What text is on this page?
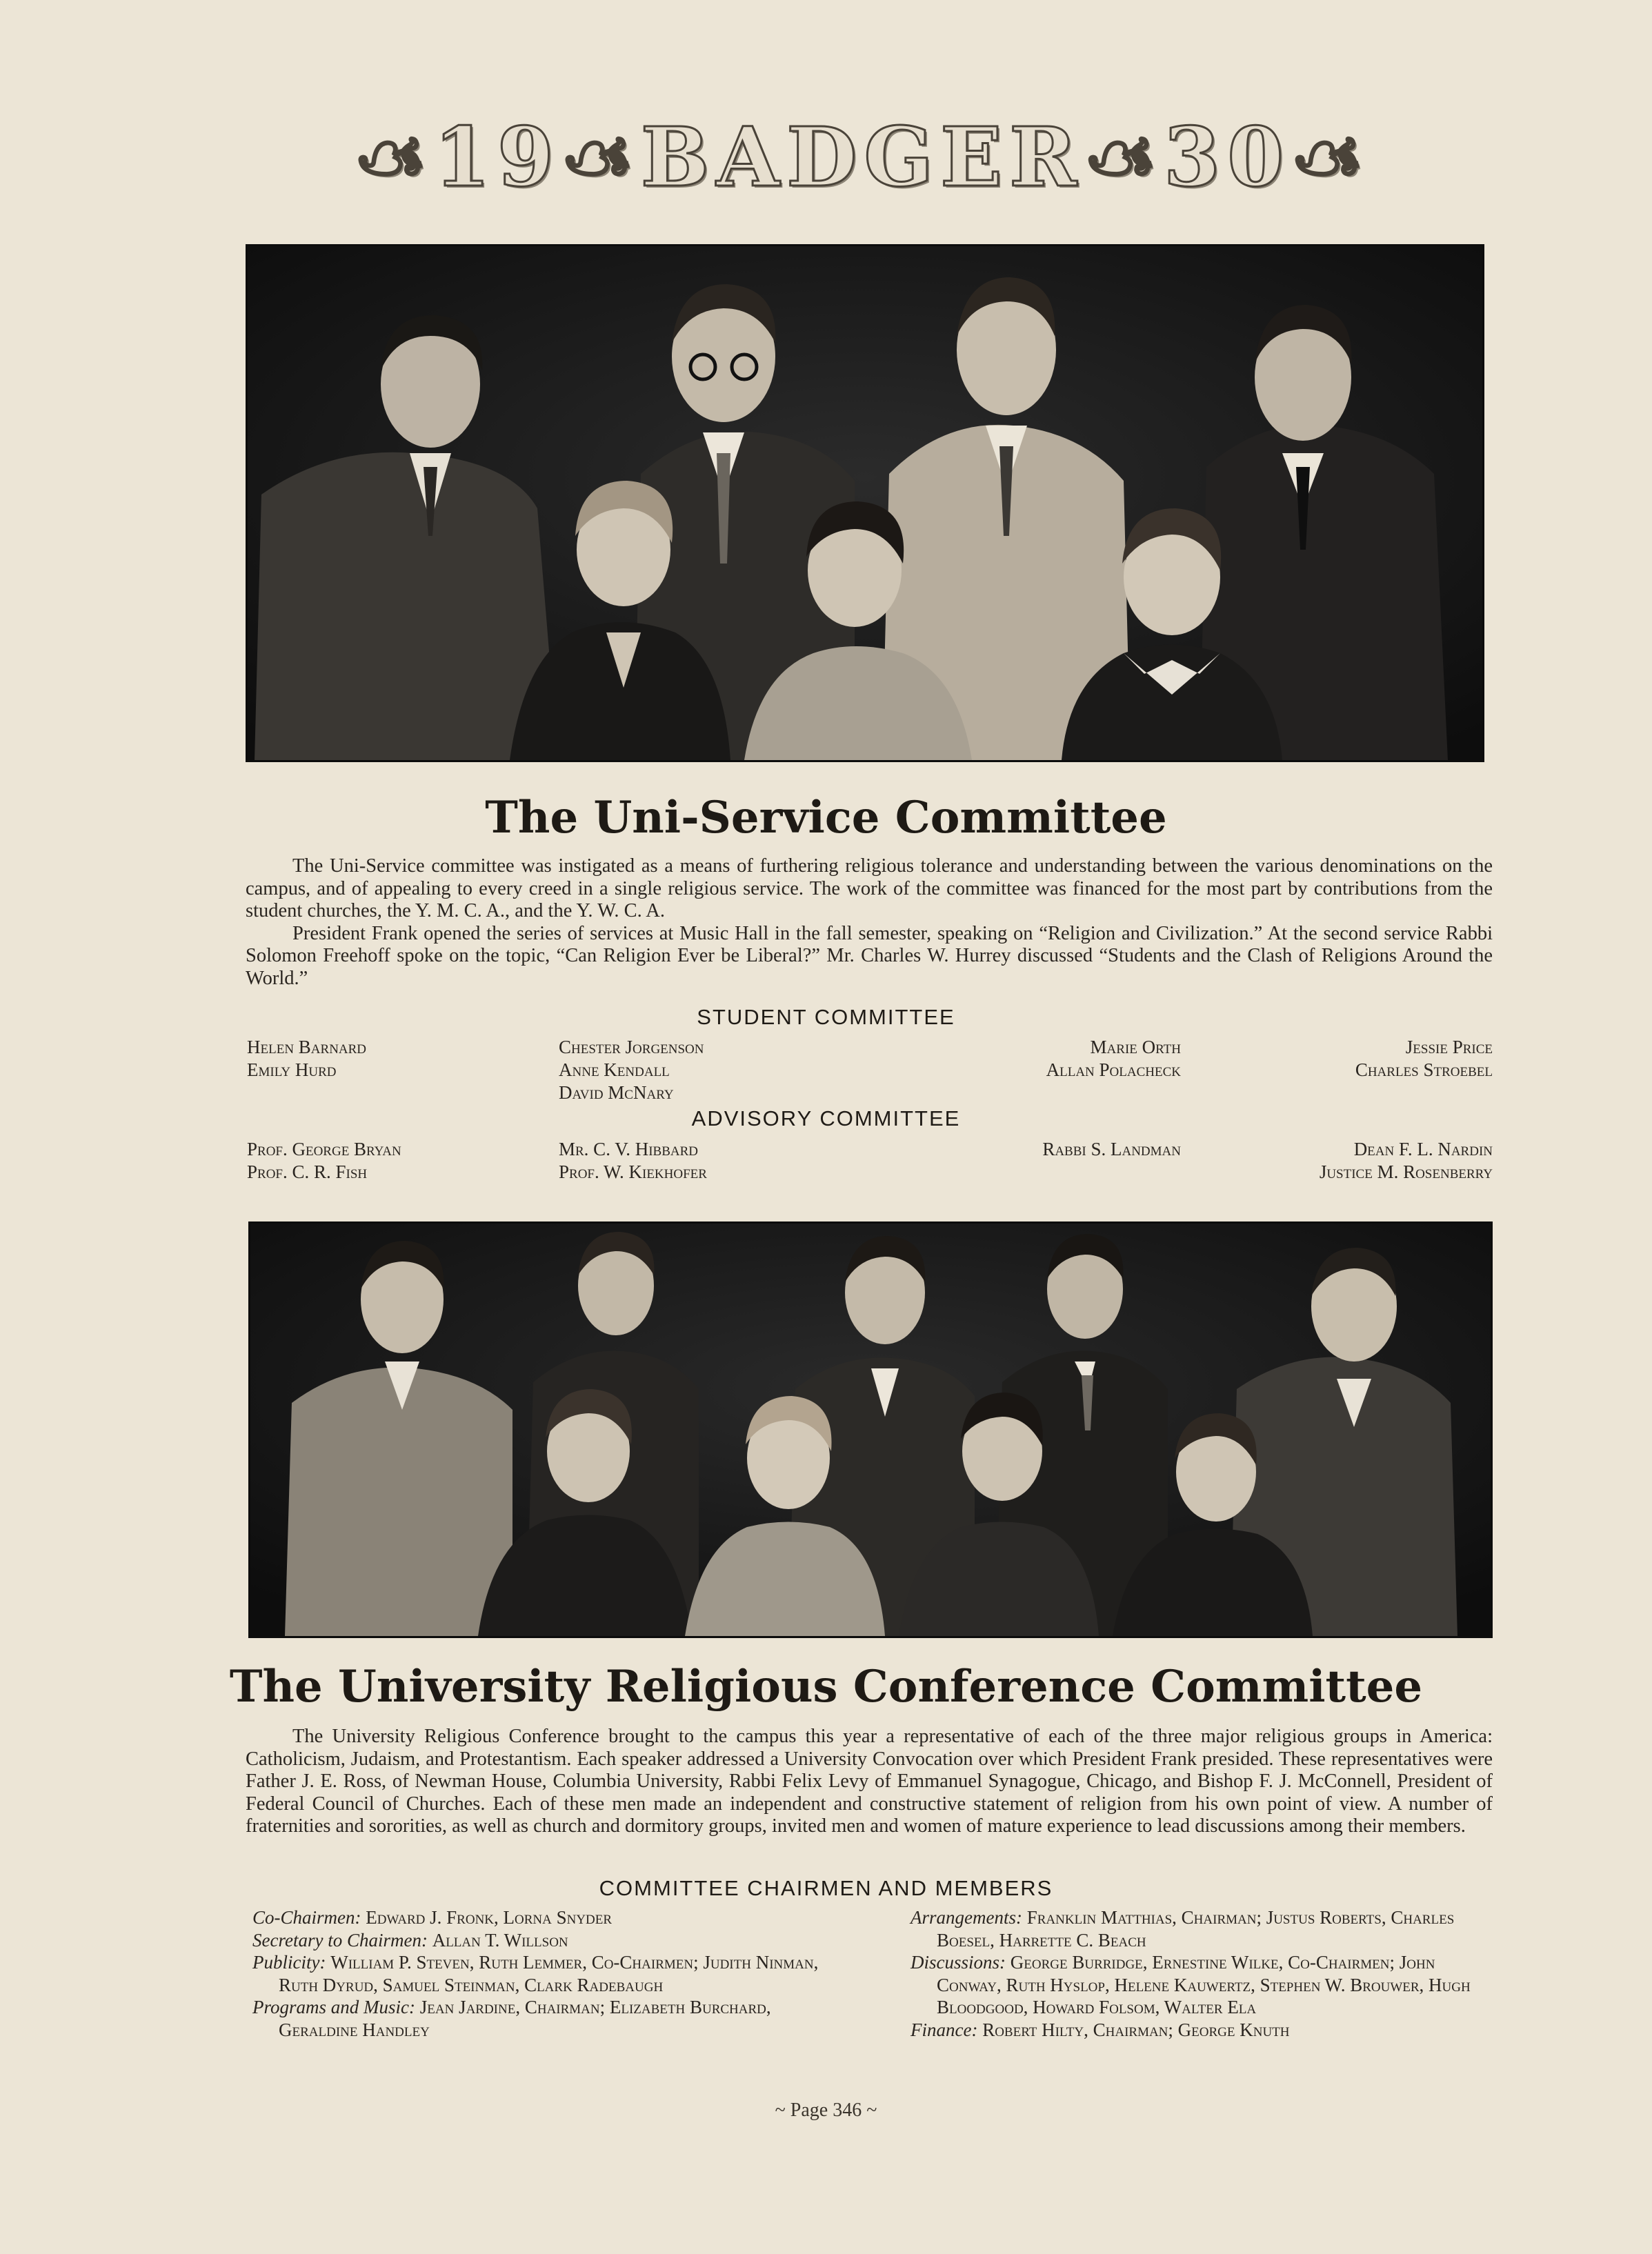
☙19☙BADGER☙30☙
The Uni-Service Committee

The Uni-Service committee was instigated as a means of furthering religious tolerance and understanding between the various denominations on the campus, and of appealing to every creed in a single religious service. The work of the committee was financed for the most part by contributions from the student churches, the Y. M. C. A., and the Y. W. C. A.

President Frank opened the series of services at Music Hall in the fall semester, speaking on “Religion and Civilization.” At the second service Rabbi Solomon Freehoff spoke on the topic, “Can Religion Ever be Liberal?” Mr. Charles W. Hurrey discussed “Students and the Clash of Religions Around the World.”

STUDENT COMMITTEE
Helen Barnard
Emily Hurd
Chester Jorgenson
Anne Kendall
David McNary
Marie Orth
Allan Polacheck
Jessie Price
Charles Stroebel
ADVISORY COMMITTEE
Prof. George Bryan
Prof. C. R. Fish
Mr. C. V. Hibbard
Prof. W. Kiekhofer
Rabbi S. Landman	Dean F. L. Nardin
Justice M. Rosenberry
The University Religious Conference Committee

The University Religious Conference brought to the campus this year a representative of each of the three major religious groups in America: Catholicism, Judaism, and Protestantism. Each speaker addressed a University Convocation over which President Frank presided. These representatives were Father J. E. Ross, of Newman House, Columbia University, Rabbi Felix Levy of Emmanuel Synagogue, Chicago, and Bishop F. J. McConnell, President of Federal Council of Churches. Each of these men made an independent and constructive statement of religion from his own point of view. A number of fraternities and sororities, as well as church and dormitory groups, invited men and women of mature experience to lead discussions among their members.

COMMITTEE CHAIRMEN AND MEMBERS

Co-Chairmen: Edward J. Fronk, Lorna Snyder

Secretary to Chairmen: Allan T. Willson

Publicity: William P. Steven, Ruth Lemmer, Co-Chairmen; Judith Ninman, Ruth Dyrud, Samuel Steinman, Clark Radebaugh

Programs and Music: Jean Jardine, Chairman; Elizabeth Burchard, Geraldine Handley

Arrangements: Franklin Matthias, Chairman; Justus Roberts, Charles Boesel, Harrette C. Beach

Discussions: George Burridge, Ernestine Wilke, Co-Chairmen; John Conway, Ruth Hyslop, Helene Kauwertz, Stephen W. Brouwer, Hugh Bloodgood, Howard Folsom, Walter Ela

Finance: Robert Hilty, Chairman; George Knuth

~ Page 346 ~
